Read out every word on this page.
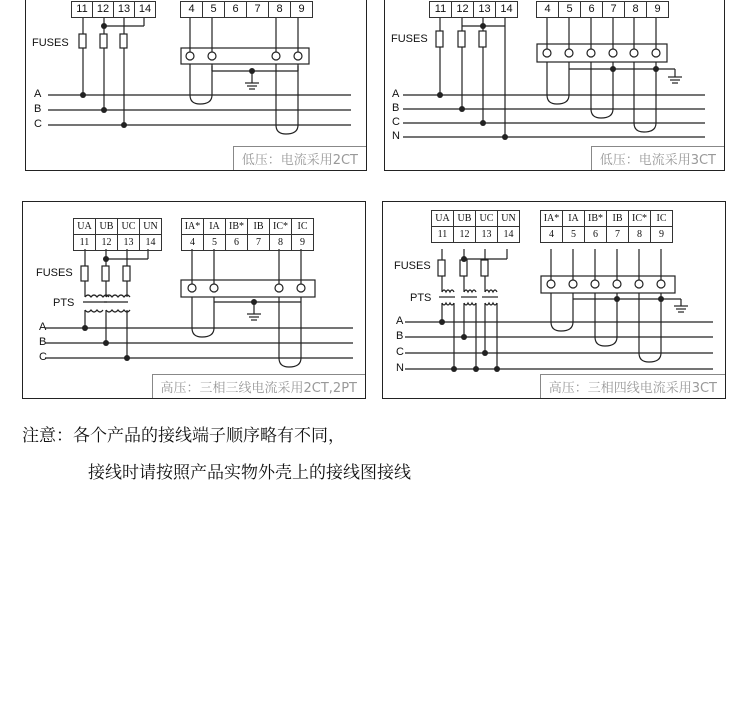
11 12 13 14	4	5	6	7	8	9
FUSES
A
B
C
低压：电流采用2CT
11 12 13 14	4	5	6	7	8	9
FUSES
A
B
C
N
低压：电流采用3CT
UA UB UC UN
11	12	13	14
IA* IA IB* IB IC* IC
4	5	6	7	8	9
FUSES
PTS
A
B
C
高压：三相三线电流采用2CT,2PT
UA UB UC UN
11	12	13	14
IA* IA IB* IB IC* IC
4	5	6	7	8	9
FUSES
PTS
A
B
C
N
高压：三相四线电流采用3CT
注意：各个产品的接线端子顺序略有不同，
接线时请按照产品实物外壳上的接线图接线
